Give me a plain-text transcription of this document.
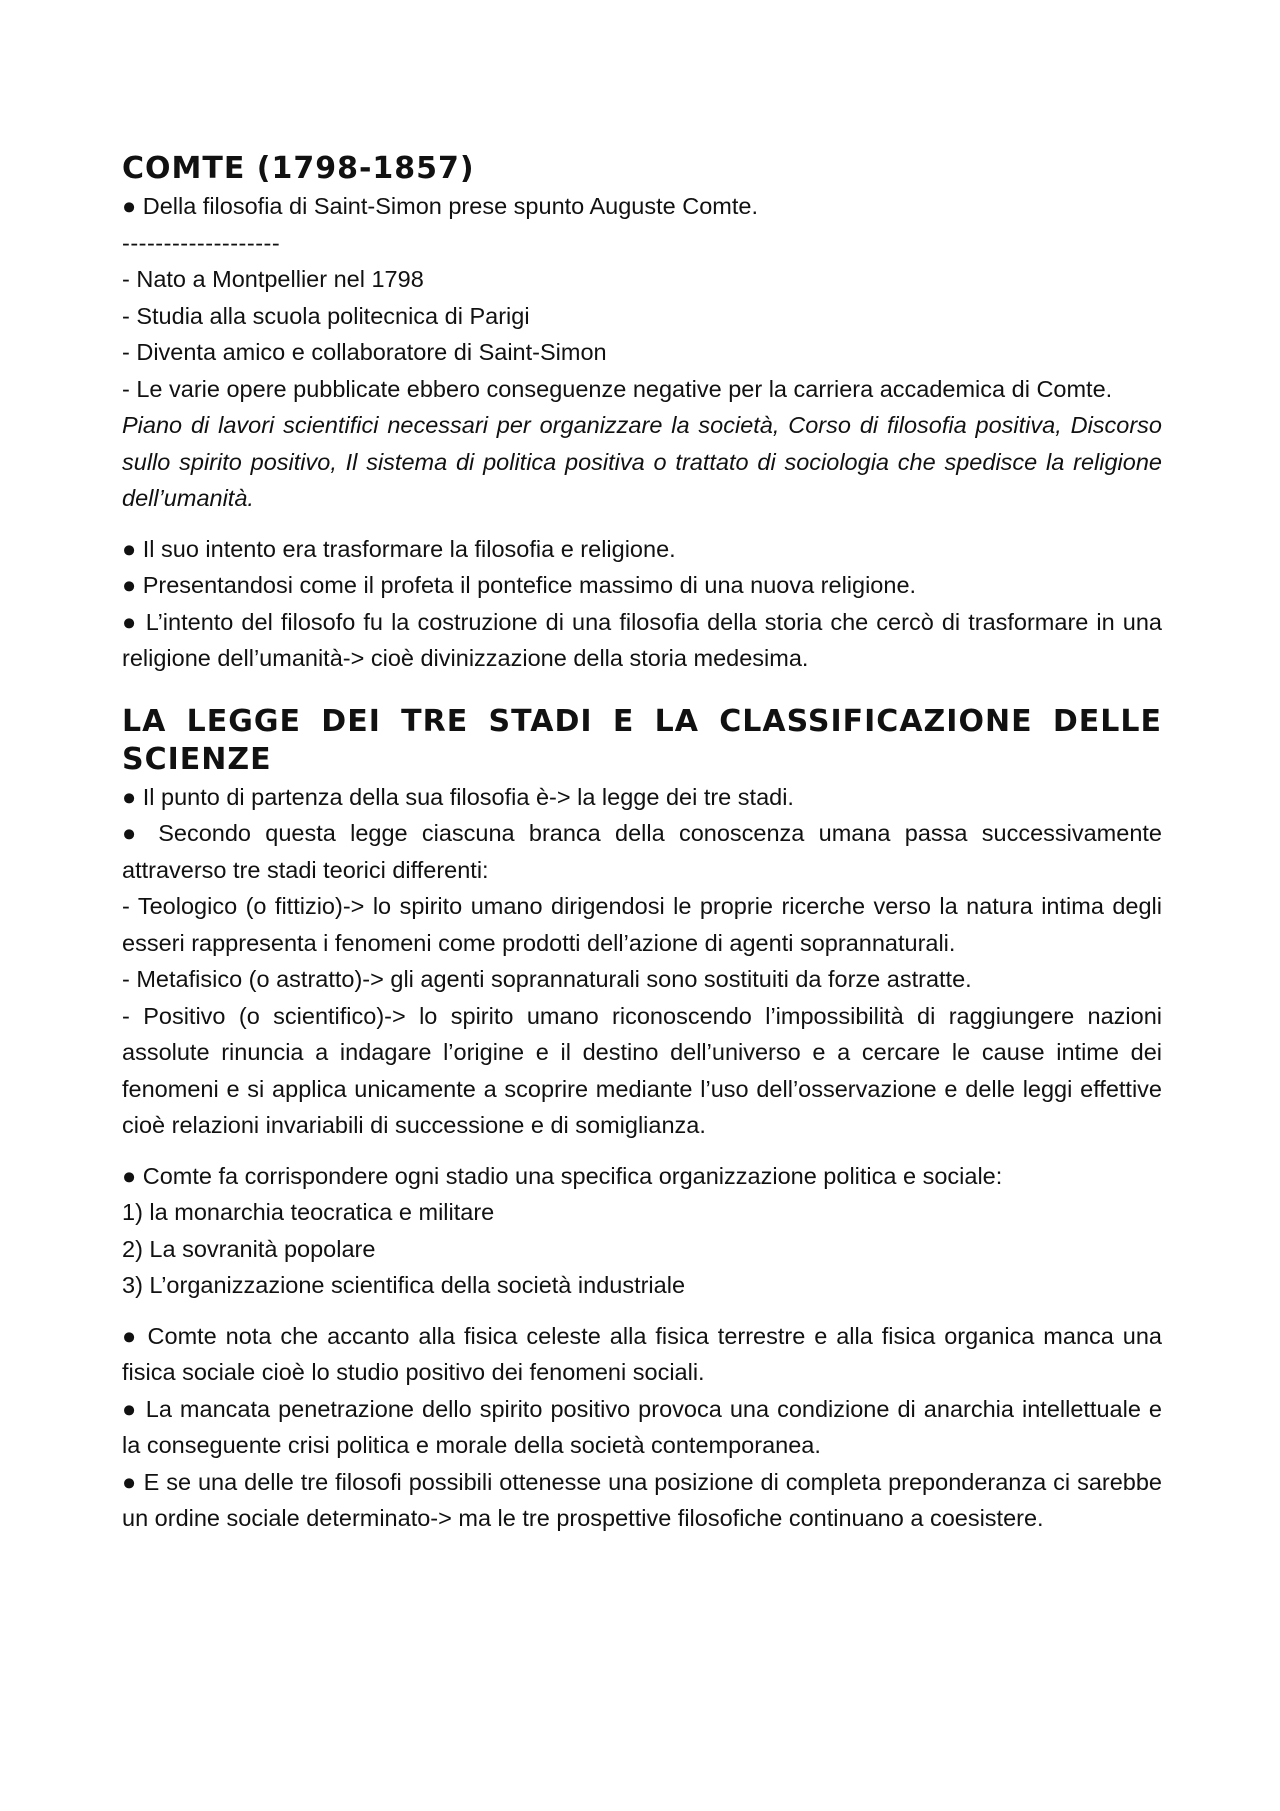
COMTE (1798-1857)

● Della filosofia di Saint-Simon prese spunto Auguste Comte.

-------------------

- Nato a Montpellier nel 1798

- Studia alla scuola politecnica di Parigi

- Diventa amico e collaboratore di Saint-Simon

- Le varie opere pubblicate ebbero conseguenze negative per la carriera accademica di Comte.

Piano di lavori scientifici necessari per organizzare la società, Corso di filosofia positiva, Discorso sullo spirito positivo, Il sistema di politica positiva o trattato di sociologia che spedisce la religione dell’umanità.

● Il suo intento era trasformare la filosofia e religione.

● Presentandosi come il profeta il pontefice massimo di una nuova religione.

● L’intento del filosofo fu la costruzione di una filosofia della storia che cercò di trasformare in una religione dell’umanità-> cioè divinizzazione della storia medesima.

LA LEGGE DEI TRE STADI E LA CLASSIFICAZIONE DELLE
SCIENZE

● Il punto di partenza della sua filosofia è-> la legge dei tre stadi.

● Secondo questa legge ciascuna branca della conoscenza umana passa successivamente attraverso tre stadi teorici differenti:

- Teologico (o fittizio)-> lo spirito umano dirigendosi le proprie ricerche verso la natura intima degli esseri rappresenta i fenomeni come prodotti dell’azione di agenti soprannaturali.

- Metafisico (o astratto)-> gli agenti soprannaturali sono sostituiti da forze astratte.

- Positivo (o scientifico)-> lo spirito umano riconoscendo l’impossibilità di raggiungere nazioni assolute rinuncia a indagare l’origine e il destino dell’universo e a cercare le cause intime dei fenomeni e si applica unicamente a scoprire mediante l’uso dell’osservazione e delle leggi effettive cioè relazioni invariabili di successione e di somiglianza.

● Comte fa corrispondere ogni stadio una specifica organizzazione politica e sociale:

1) la monarchia teocratica e militare

2) La sovranità popolare

3) L’organizzazione scientifica della società industriale

● Comte nota che accanto alla fisica celeste alla fisica terrestre e alla fisica organica manca una fisica sociale cioè lo studio positivo dei fenomeni sociali.

● La mancata penetrazione dello spirito positivo provoca una condizione di anarchia intellettuale e la conseguente crisi politica e morale della società contemporanea.

● E se una delle tre filosofi possibili ottenesse una posizione di completa preponderanza ci sarebbe un ordine sociale determinato-> ma le tre prospettive filosofiche continuano a coesistere.
